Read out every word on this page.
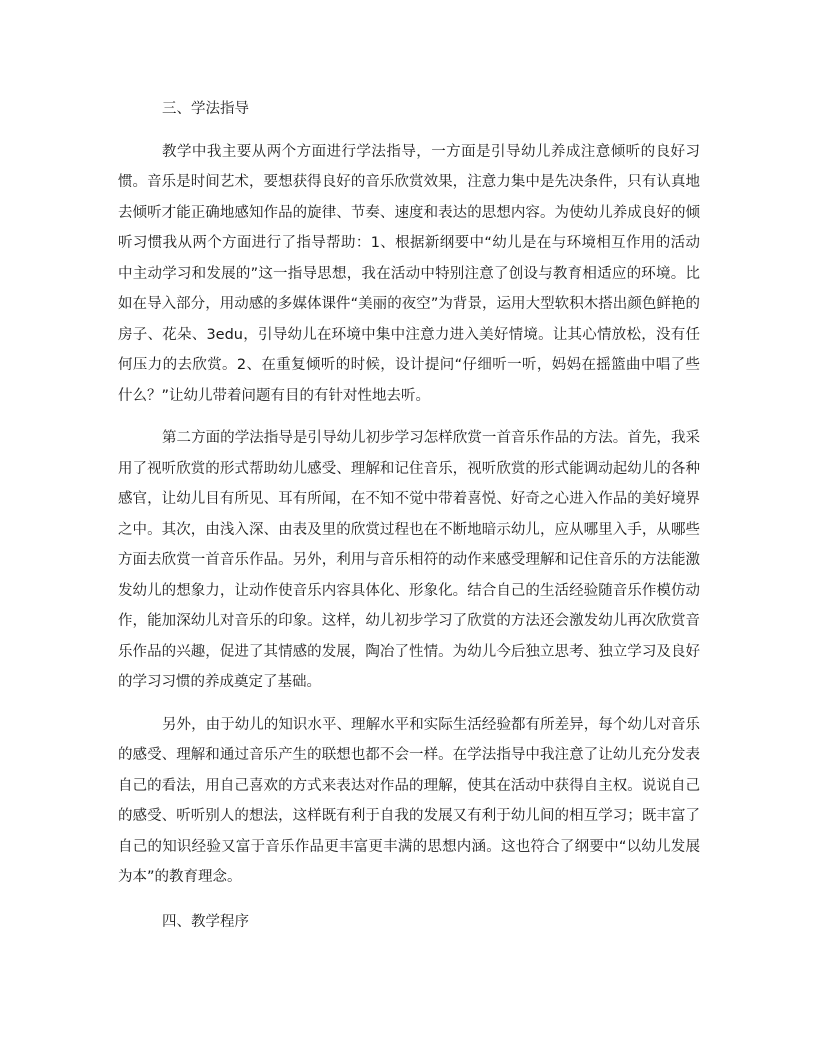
三、学法指导

教学中我主要从两个方面进行学法指导，一方面是引导幼儿养成注意倾听的良好习惯。音乐是时间艺术，要想获得良好的音乐欣赏效果，注意力集中是先决条件，只有认真地去倾听才能正确地感知作品的旋律、节奏、速度和表达的思想内容。为使幼儿养成良好的倾听习惯我从两个方面进行了指导帮助：1、根据新纲要中“幼儿是在与环境相互作用的活动中主动学习和发展的”这一指导思想，我在活动中特别注意了创设与教育相适应的环境。比如在导入部分，用动感的多媒体课件“美丽的夜空”为背景，运用大型软积木搭出颜色鲜艳的房子、花朵、3edu，引导幼儿在环境中集中注意力进入美好情境。让其心情放松，没有任何压力的去欣赏。2、在重复倾听的时候，设计提问“仔细听一听，妈妈在摇篮曲中唱了些什么？”让幼儿带着问题有目的有针对性地去听。

第二方面的学法指导是引导幼儿初步学习怎样欣赏一首音乐作品的方法。首先，我采用了视听欣赏的形式帮助幼儿感受、理解和记住音乐，视听欣赏的形式能调动起幼儿的各种感官，让幼儿目有所见、耳有所闻，在不知不觉中带着喜悦、好奇之心进入作品的美好境界之中。其次，由浅入深、由表及里的欣赏过程也在不断地暗示幼儿，应从哪里入手，从哪些方面去欣赏一首音乐作品。另外，利用与音乐相符的动作来感受理解和记住音乐的方法能激发幼儿的想象力，让动作使音乐内容具体化、形象化。结合自己的生活经验随音乐作模仿动作，能加深幼儿对音乐的印象。这样，幼儿初步学习了欣赏的方法还会激发幼儿再次欣赏音乐作品的兴趣，促进了其情感的发展，陶冶了性情。为幼儿今后独立思考、独立学习及良好的学习习惯的养成奠定了基础。

另外，由于幼儿的知识水平、理解水平和实际生活经验都有所差异，每个幼儿对音乐的感受、理解和通过音乐产生的联想也都不会一样。在学法指导中我注意了让幼儿充分发表自己的看法，用自己喜欢的方式来表达对作品的理解，使其在活动中获得自主权。说说自己的感受、听听别人的想法，这样既有利于自我的发展又有利于幼儿间的相互学习；既丰富了自己的知识经验又富于音乐作品更丰富更丰满的思想内涵。这也符合了纲要中“以幼儿发展为本”的教育理念。

四、教学程序
